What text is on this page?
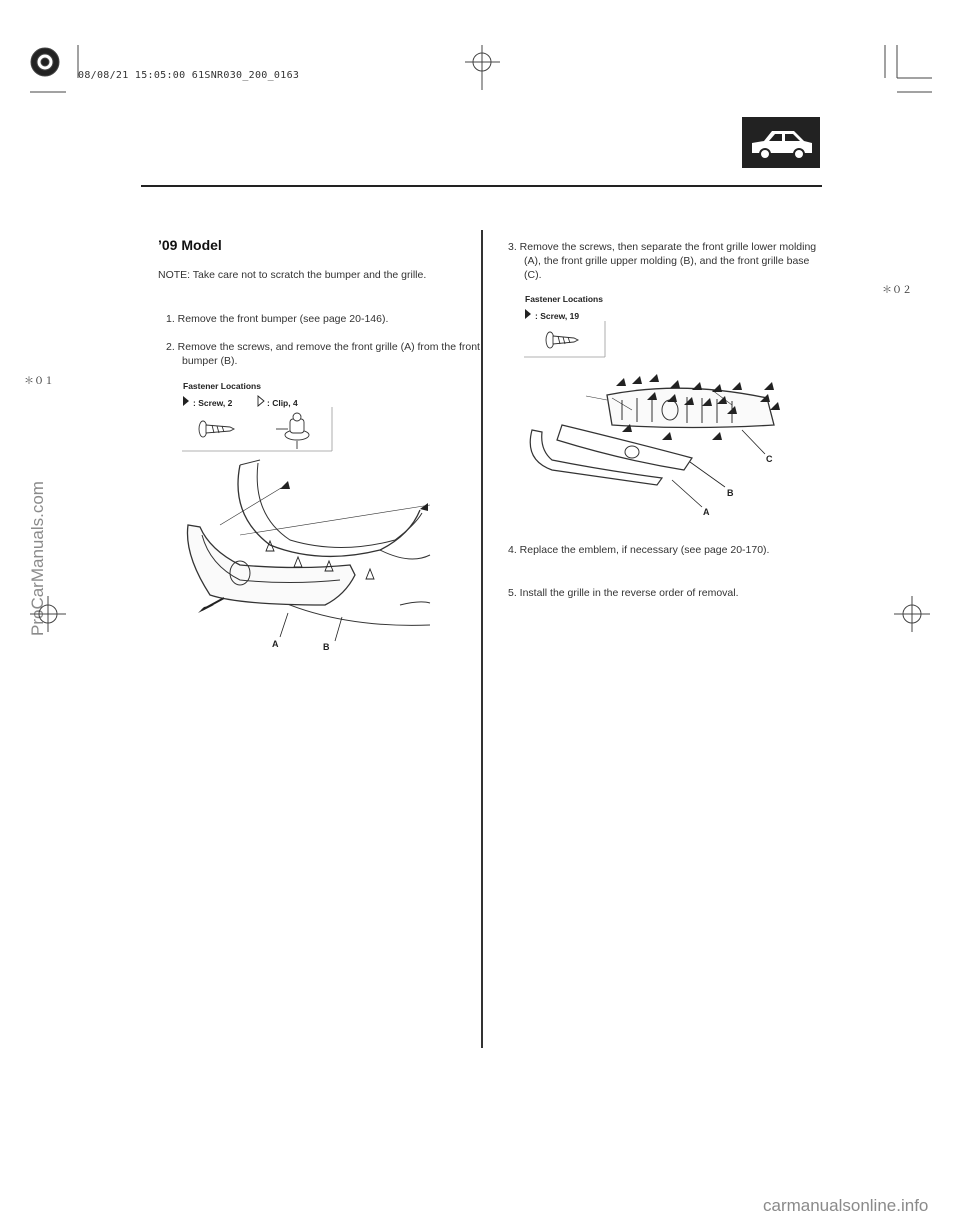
08/08/21 15:05:00 61SNR030_200_0163
＊０１
＊０２
ProCarManuals.com
’09 Model
NOTE: Take care not to scratch the bumper and the grille.
1. Remove the front bumper (see page 20-146).
2. Remove the screws, and remove the front grille (A) from the front bumper (B).
Fastener Locations
: Screw, 2	: Clip, 4
A	B
3. Remove the screws, then separate the front grille lower molding (A), the front grille upper molding (B), and the front grille base (C).
Fastener Locations
: Screw, 19
C
B
A
4. Replace the emblem, if necessary (see page 20-170).
5. Install the grille in the reverse order of removal.
carmanualsonline.info
